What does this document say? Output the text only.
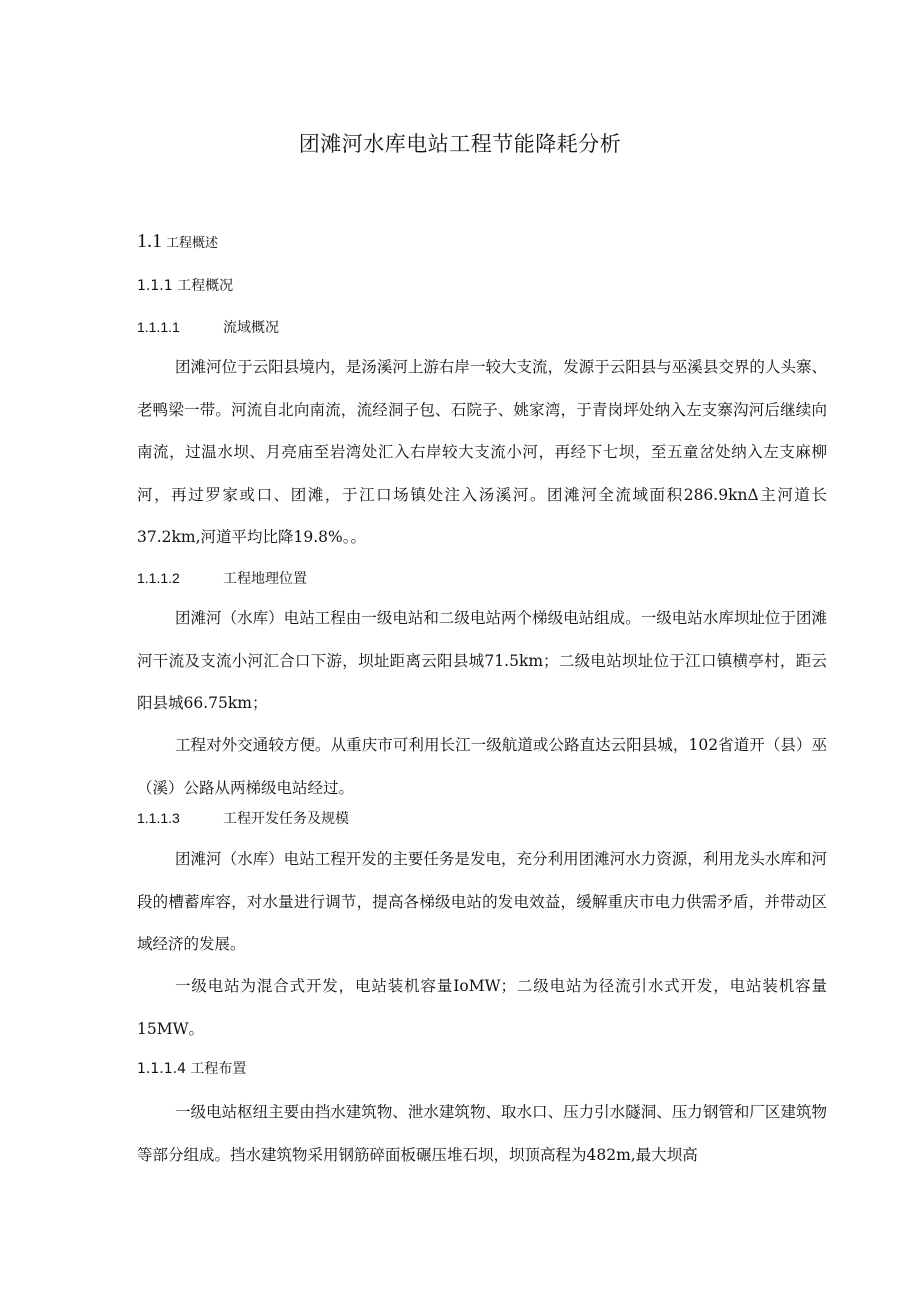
团滩河水库电站工程节能降耗分析
1.1 工程概述
1.1.1 工程概况
1.1.1.1	流域概况

团滩河位于云阳县境内，是汤溪河上游右岸一较大支流，发源于云阳县与巫溪县交界的人头寨、老鸭梁一带。河流自北向南流，流经洞子包、石院子、姚家湾，于青岗坪处纳入左支寨沟河后继续向南流，过温水坝、月亮庙至岩湾处汇入右岸较大支流小河，再经下七坝，至五童岔处纳入左支麻柳河，再过罗家或口、团滩，于江口场镇处注入汤溪河。团滩河全流域面积286.9knΔ主河道长37.2km,河道平均比降19.8%。。

1.1.1.2	工程地理位置

团滩河（水库）电站工程由一级电站和二级电站两个梯级电站组成。一级电站水库坝址位于团滩河干流及支流小河汇合口下游，坝址距离云阳县城71.5km；二级电站坝址位于江口镇横亭村，距云阳县城66.75km；

工程对外交通较方便。从重庆市可利用长江一级航道或公路直达云阳县城，102省道开（县）巫（溪）公路从两梯级电站经过。

1.1.1.3	工程开发任务及规模

团滩河（水库）电站工程开发的主要任务是发电，充分利用团滩河水力资源，利用龙头水库和河段的槽蓄库容，对水量进行调节，提高各梯级电站的发电效益，缓解重庆市电力供需矛盾，并带动区域经济的发展。

一级电站为混合式开发，电站装机容量IoMW；二级电站为径流引水式开发，电站装机容量15MW。

1.1.1.4 工程布置

一级电站枢纽主要由挡水建筑物、泄水建筑物、取水口、压力引水隧洞、压力钢管和厂区建筑物等部分组成。挡水建筑物采用钢筋碎面板碾压堆石坝，坝顶高程为482m,最大坝高
